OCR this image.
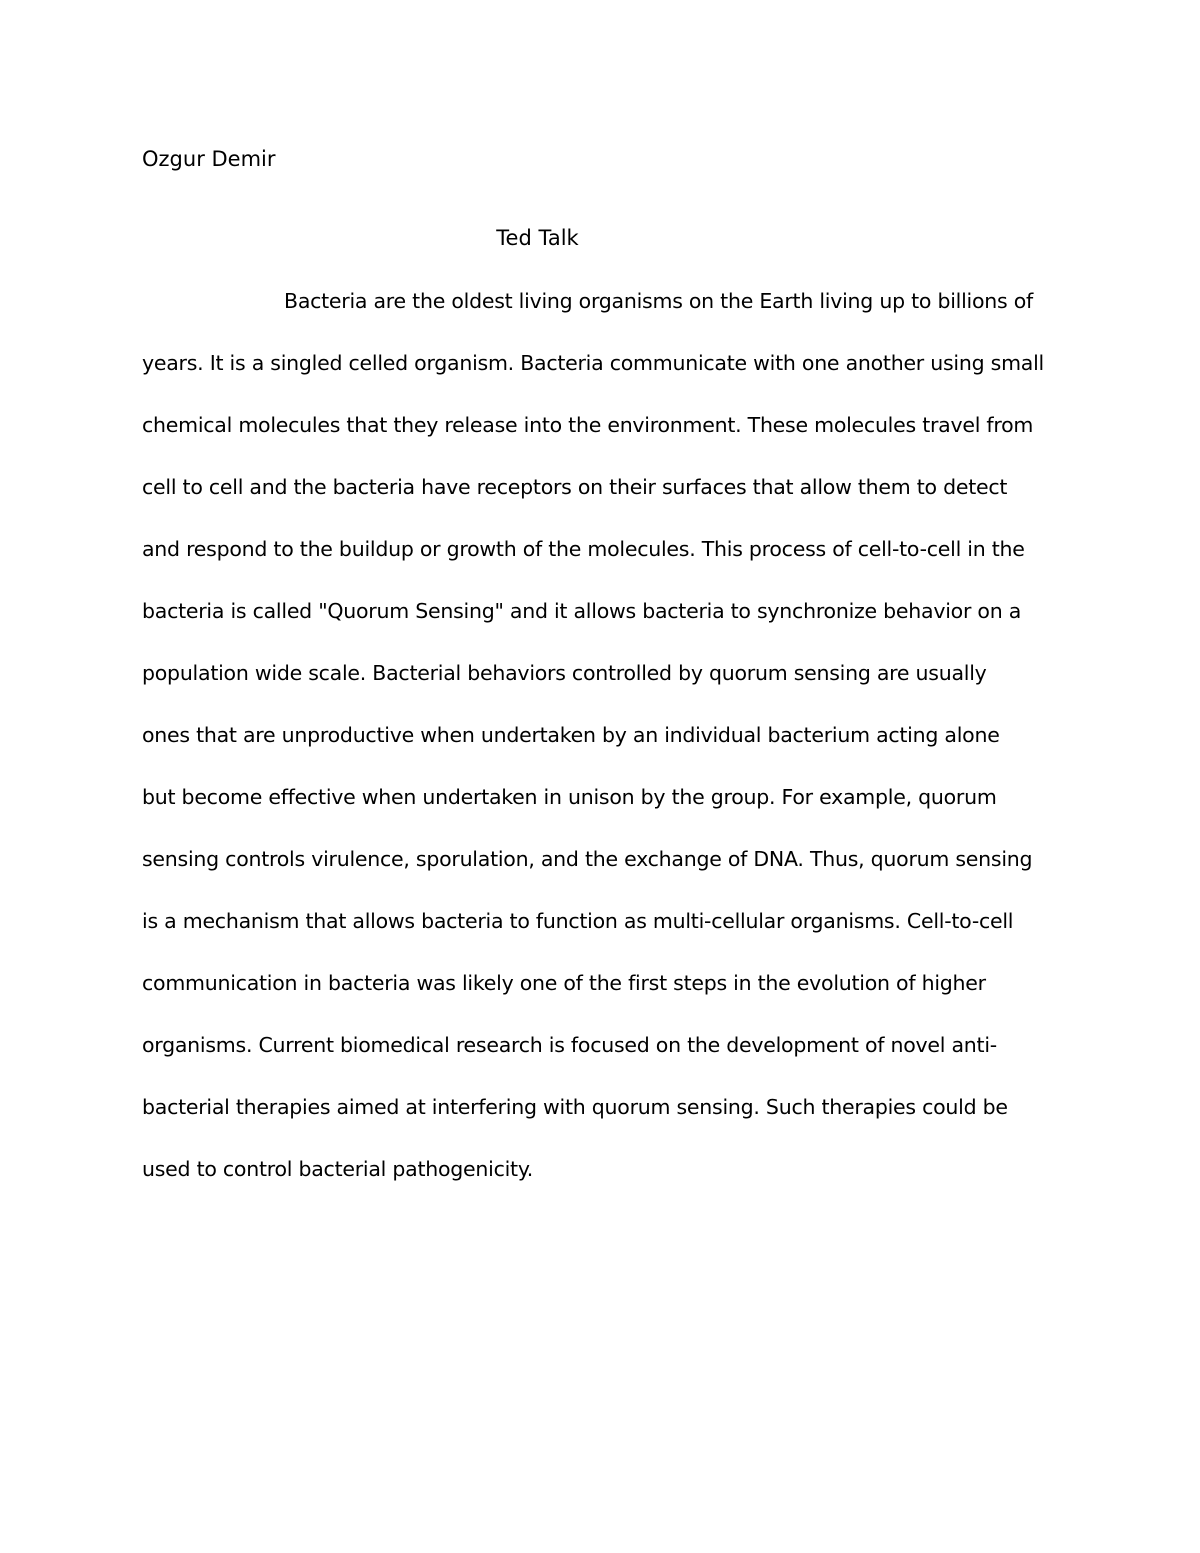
Ozgur Demir
Ted Talk
Bacteria are the oldest living organisms on the Earth living up to billions of
years. It is a singled celled organism. Bacteria communicate with one another using small
chemical molecules that they release into the environment. These molecules travel from
cell to cell and the bacteria have receptors on their surfaces that allow them to detect
and respond to the buildup or growth of the molecules. This process of cell-to-cell in the
bacteria is called "Quorum Sensing" and it allows bacteria to synchronize behavior on a
population wide scale. Bacterial behaviors controlled by quorum sensing are usually
ones that are unproductive when undertaken by an individual bacterium acting alone
but become effective when undertaken in unison by the group. For example, quorum
sensing controls virulence, sporulation, and the exchange of DNA. Thus, quorum sensing
is a mechanism that allows bacteria to function as multi-cellular organisms. Cell-to-cell
communication in bacteria was likely one of the first steps in the evolution of higher
organisms. Current biomedical research is focused on the development of novel anti-
bacterial therapies aimed at interfering with quorum sensing. Such therapies could be
used to control bacterial pathogenicity.
